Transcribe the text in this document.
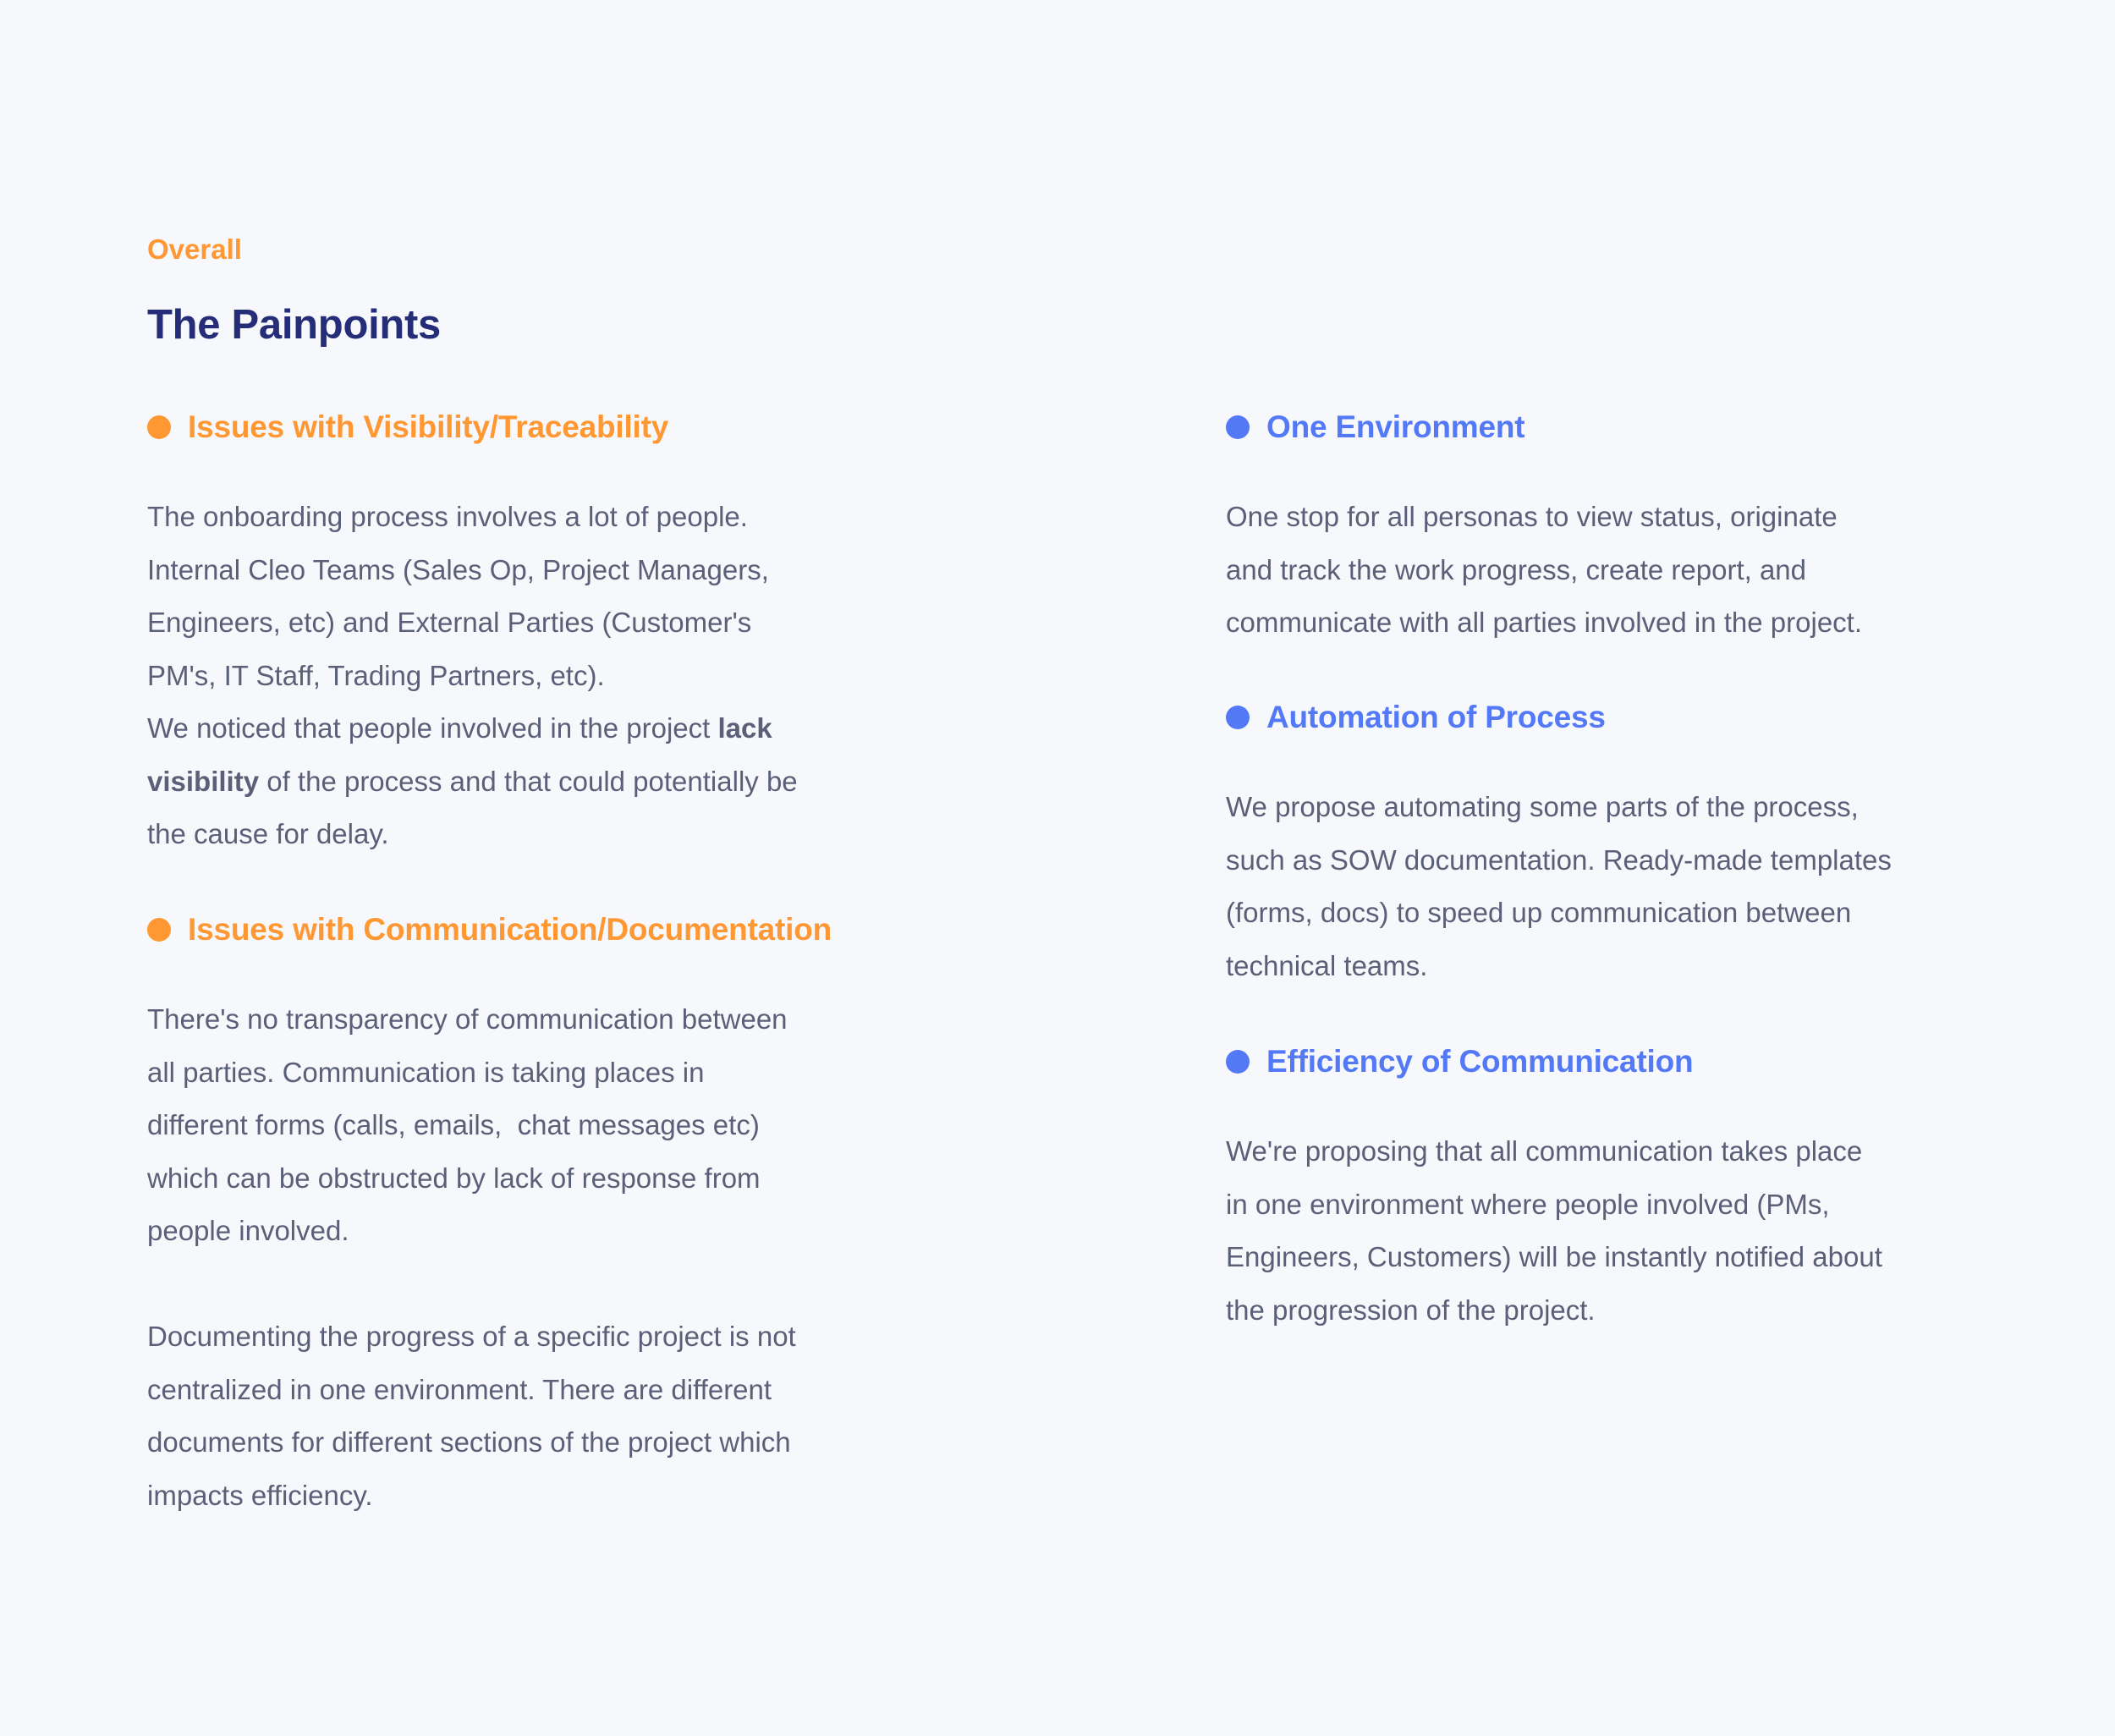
Overall
The Painpoints
Issues with Visibility/Traceability
The onboarding process involves a lot of people.
Internal Cleo Teams (Sales Op, Project Managers,
Engineers, etc) and External Parties (Customer's
PM's, IT Staff, Trading Partners, etc).
We noticed that people involved in the project lack
visibility of the process and that could potentially be
the cause for delay.
Issues with Communication/Documentation
There's no transparency of communication between
all parties. Communication is taking places in
different forms (calls, emails,  chat messages etc)
which can be obstructed by lack of response from
people involved.
Documenting the progress of a specific project is not
centralized in one environment. There are different
documents for different sections of the project which
impacts efficiency.
One Environment
One stop for all personas to view status, originate
and track the work progress, create report, and
communicate with all parties involved in the project.
Automation of Process
We propose automating some parts of the process,
such as SOW documentation. Ready-made templates
(forms, docs) to speed up communication between
technical teams.
Efficiency of Communication
We're proposing that all communication takes place
in one environment where people involved (PMs,
Engineers, Customers) will be instantly notified about
the progression of the project.
